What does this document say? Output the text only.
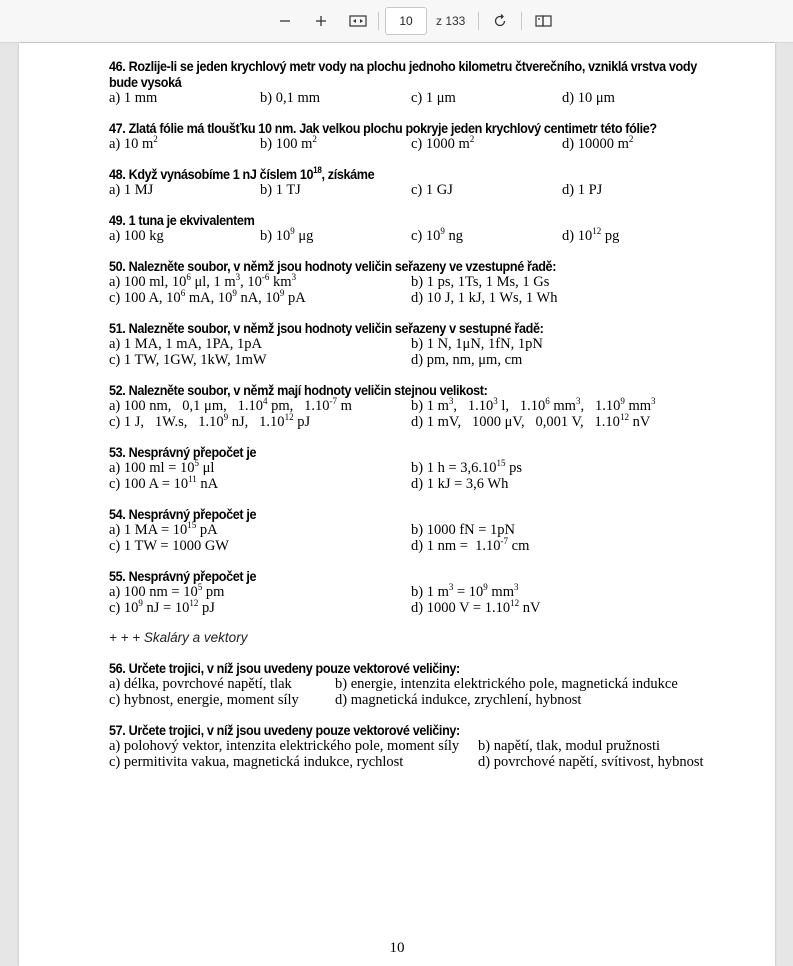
10
z 133
46. Rozlije-li se jeden krychlový metr vody na plochu jednoho kilometru čtverečního, vzniklá vrstva vody bude vysoká
a) 1 mm	b) 0,1 mm	c) 1 μm	d) 10 μm
47. Zlatá fólie má tloušťku 10 nm. Jak velkou plochu pokryje jeden krychlový centimetr této fólie?
a) 10 $m^2$	b) 100 $m^2$	c) 1000 $m^2$	d) 10000 $m^2$
48. Když vynásobíme 1 nJ číslem $10^{18}$, získáme
a) 1 MJ	b) 1 TJ	c) 1 GJ	d) 1 PJ
49. 1 tuna je ekvivalentem
a) 100 kg	b) $10^9$ μg	c) $10^9$ ng	d) $10^{12}$ pg
50. Nalezněte soubor, v němž jsou hodnoty veličin seřazeny ve vzestupné řadě:
a) 100 ml, $10^6$ μl, 1 $m^3$, $10^{-6}$ $km^3$	b) 1 ps, 1Ts, 1 Ms, 1 Gs
c) 100 A, $10^6$ mA, $10^9$ nA, $10^9$ pA	d) 10 J, 1 kJ, 1 Ws, 1 Wh
51. Nalezněte soubor, v němž jsou hodnoty veličin seřazeny v sestupné řadě:
a) 1 MA, 1 mA, 1PA, 1pA	b) 1 N, 1μN, 1fN, 1pN
c) 1 TW, 1GW, 1kW, 1mW	d) pm, nm, μm, cm
52. Nalezněte soubor, v němž mají hodnoty veličin stejnou velikost:
a) 100 nm,   0,1 μm,   1.10$^4$ pm,   $1.10^{-7}$ m	b) 1 $m^3$,   1.10$^3$ l,   1.10$^6$ $mm^3$,   1.10$^9$ $mm^3$
c) 1 J,   1W.s,   1.10$^9$ nJ,   1.10$^{12}$ pJ	d) 1 mV,   1000 μV,   0,001 V,   1.10$^{12}$ nV
53. Nesprávný přepočet je
a) 100 ml = $10^5$ μl	b) 1 $h = 3,6.10^{15}$ ps
c) 100 $A = 10^{11}$ nA	d) 1 kJ = 3,6 Wh
54. Nesprávný přepočet je
a) 1 MA = $10^{15}$ pA	b) 1000 fN = 1pN
c) 1 TW = 1000 GW	d) 1 nm =  $1.10^{-7}$ cm
55. Nesprávný přepočet je
a) 100 nm = $10^5$ pm	b) 1 $m^3 = 10^9$ $mm^3$
c) $10^9$ nJ = $10^{12}$ pJ	d) 1000 $V = 1.10^{12}$ nV
+ + + Skaláry a vektory
56. Určete trojici, v níž jsou uvedeny pouze vektorové veličiny:
a) délka, povrchové napětí, tlak	b) energie, intenzita elektrického pole, magnetická indukce
c) hybnost, energie, moment síly d) magnetická indukce, zrychlení, hybnost
57. Určete trojici, v níž jsou uvedeny pouze vektorové veličiny:
a) polohový vektor, intenzita elektrického pole, moment síly b) napětí, tlak, modul pružnosti
c) permitivita vakua, magnetická indukce, rychlost	d) povrchové napětí, svítivost, hybnost
10
